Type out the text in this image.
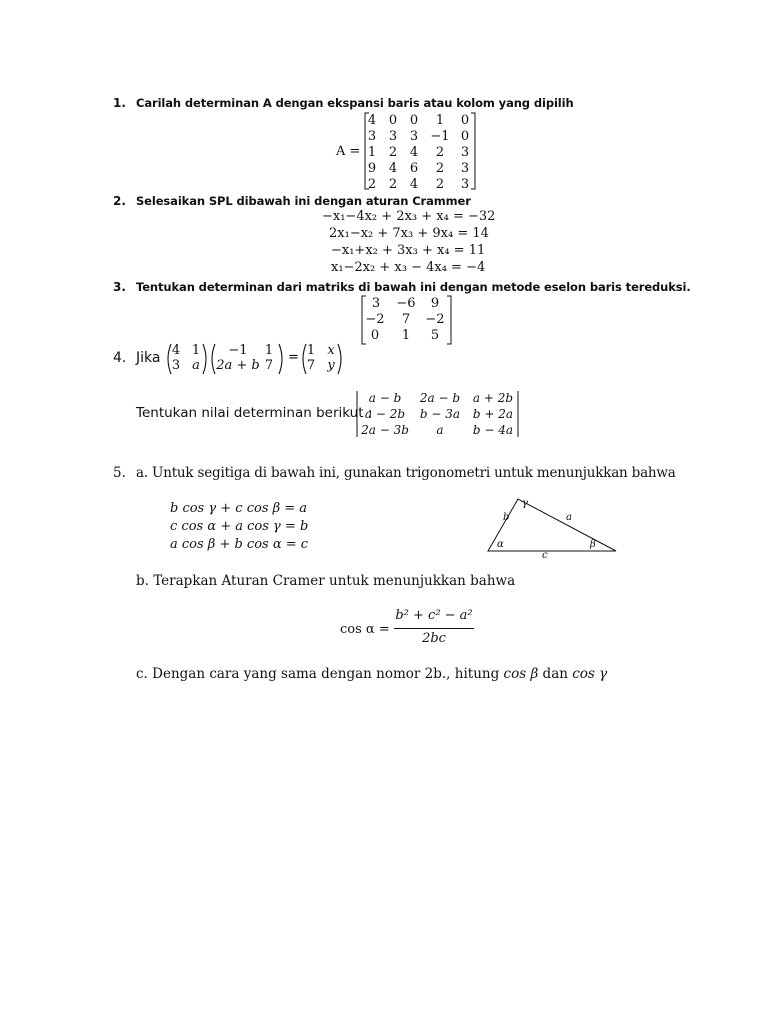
1. Carilah determinan A dengan ekspansi baris atau kolom yang dipilih
A =
4 0 0	1	0
3 3 3 −1 0
1 2 4	2	3
9 4 6	2	3
2 2 4	2	3
2. Selesaikan SPL dibawah ini dengan aturan Crammer
−x₁−4x₂ + 2x₃ + x₄ = −32
2x₁−x₂ + 7x₃ + 9x₄ = 14
−x₁+x₂ + 3x₃ + x₄ = 11
x₁−2x₂ + x₃ − 4x₄ = −4
3. Tentukan determinan dari matriks di bawah ini dengan metode eselon baris tereduksi.
3	−6	9
−2	7	−2
0	1	5
4. Jika 4 1
3 a
−1	1
2a + b 7
= 1 x
7 y
Tentukan nilai determinan berikut :
a − b	2a − b	a + 2b
a − 2b	b − 3a	b + 2a
2a − 3b	a	b − 4a
5. a. Untuk segitiga di bawah ini, gunakan trigonometri untuk menunjukkan bahwa
b cos γ + c cos β = a
c cos α + a cos γ = b
a cos β + b cos α = c
b	a
c
α	β
γ
b. Terapkan Aturan Cramer untuk menunjukkan bahwa
cos α =
b² + c² − a²
2bc
c. Dengan cara yang sama dengan nomor 2b., hitung cos β dan cos γ
